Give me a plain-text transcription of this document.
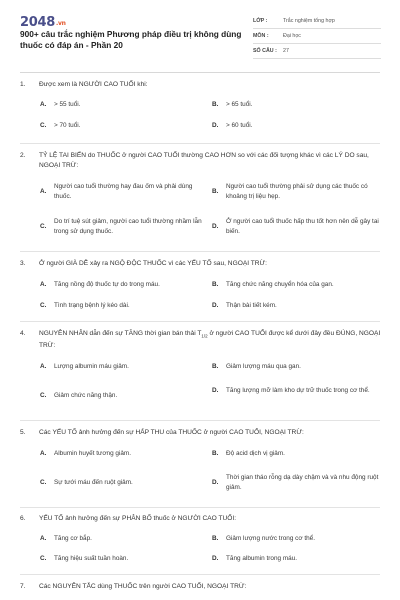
2048.vn
900+ câu trắc nghiệm Phương pháp điều trị không dùng thuốc có đáp án - Phần 20
LỚP :	Trắc nghiệm tổng hợp
MÔN :	Đại học
SỐ CÂU :	27
1.	Được xem là NGƯỜI CAO TUỔI khi:
A.	> 55 tuổi.	B.	> 65 tuổi.
C.	> 70 tuổi.	D.	> 60 tuổi.
2.	TỶ LỆ TAI BIẾN do THUỐC ở người CAO TUỔI thường CAO HƠN so với các đối tượng khác vì các LÝ DO sau, NGOẠI TRỪ:
A.
Người cao tuổi thường hay đau ốm và phải dùng thuốc.
B.
Người cao tuổi thường phải sử dụng các thuốc có khoảng trị liệu hẹp.
C.
Do trí tuệ sút giảm, người cao tuổi thường nhầm lẫn trong sử dụng thuốc.
D.
Ở người cao tuổi thuốc hấp thu tốt hơn nên dễ gây tai biến.
3.	Ở người GIÀ DỄ xảy ra NGỘ ĐỘC THUỐC vì các YẾU TỐ sau, NGOẠI TRỪ:
A.	Tăng nồng độ thuốc tự do trong máu.	B.	Tăng chức năng chuyển hóa của gan.
C.	Tình trạng bệnh lý kéo dài.	D.	Thận bài tiết kém.
4.	NGUYÊN NHÂN dẫn đến sự TĂNG thời gian bán thải $T_{1/2}$ ở người CAO TUỔI được kể dưới đây đều ĐÚNG, NGOẠI TRỪ:
A.	Lượng albumin máu giảm.	B.	Giảm lượng máu qua gan.
C.	Giảm chức năng thận.
D.	Tăng lượng mỡ làm kho dự trữ thuốc trong cơ thể.
5.	Các YẾU TỐ ảnh hưởng đến sự HẤP THU của THUỐC ở người CAO TUỔI, NGOẠI TRỪ:
A.	Albumin huyết tương giảm.	B.	Độ acid dịch vị giảm.
C.	Sự tưới máu đến ruột giảm.	D.
Thời gian tháo rỗng dạ dày chậm và và nhu động ruột giảm.
6.	YẾU TỐ ảnh hưởng đến sự PHÂN BỐ thuốc ở NGƯỜI CAO TUỔI:
A.	Tăng cơ bắp.	B.	Giảm lượng nước trong cơ thể.
C.	Tăng hiệu suất tuần hoàn.	D.	Tăng albumin trong máu.
7.	Các NGUYÊN TẮC dùng THUỐC trên người CAO TUỔI, NGOẠI TRỪ:
